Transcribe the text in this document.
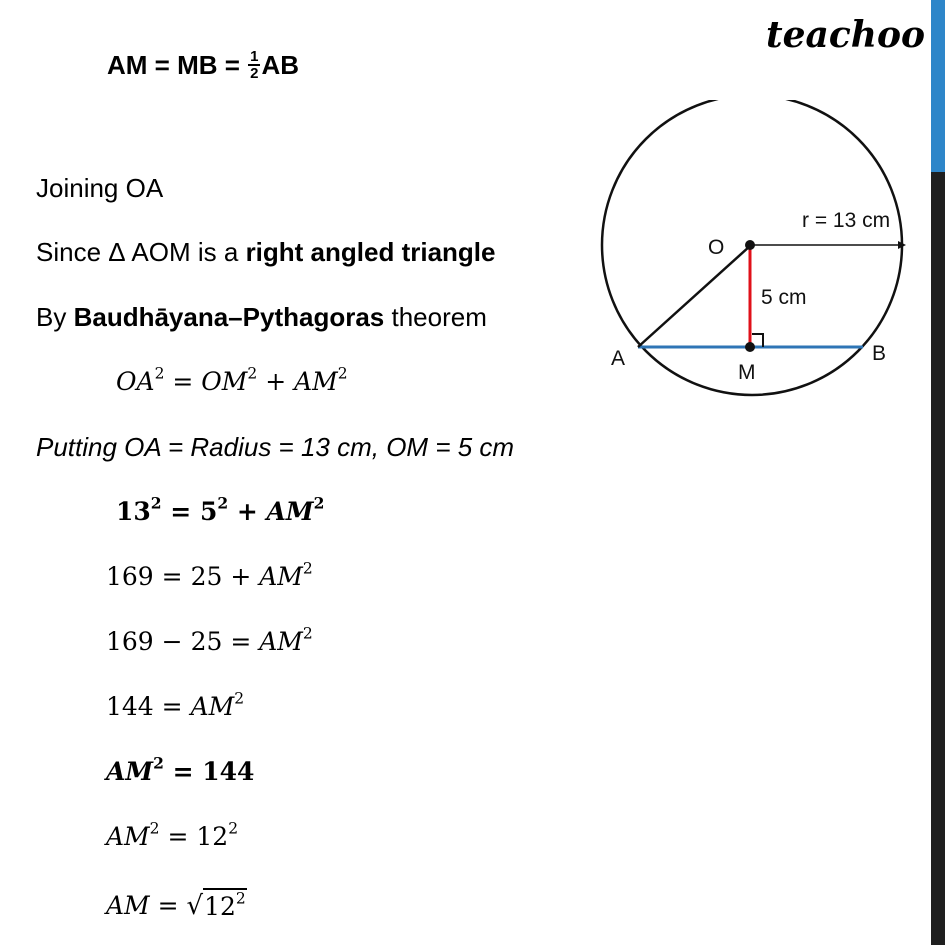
teachoo
AM = MB = $\frac{1}{2}$ AB
Joining OA
Since Δ AOM is a right angled triangle
By Baudhāyana–Pythagoras theorem
$OA^2 = OM^2 + AM^2$
Putting OA = Radius = 13 cm, OM = 5 cm
$13^2 = 5^2 + AM^2$
$169 = 25 + AM^2$
$169 - 25 = AM^2$
$144 = AM^2$
$AM^2 = 144$
$AM^2 = 12^2$
AM = √ $12^2$
O
A	B
M
r = 13 cm
5 cm
